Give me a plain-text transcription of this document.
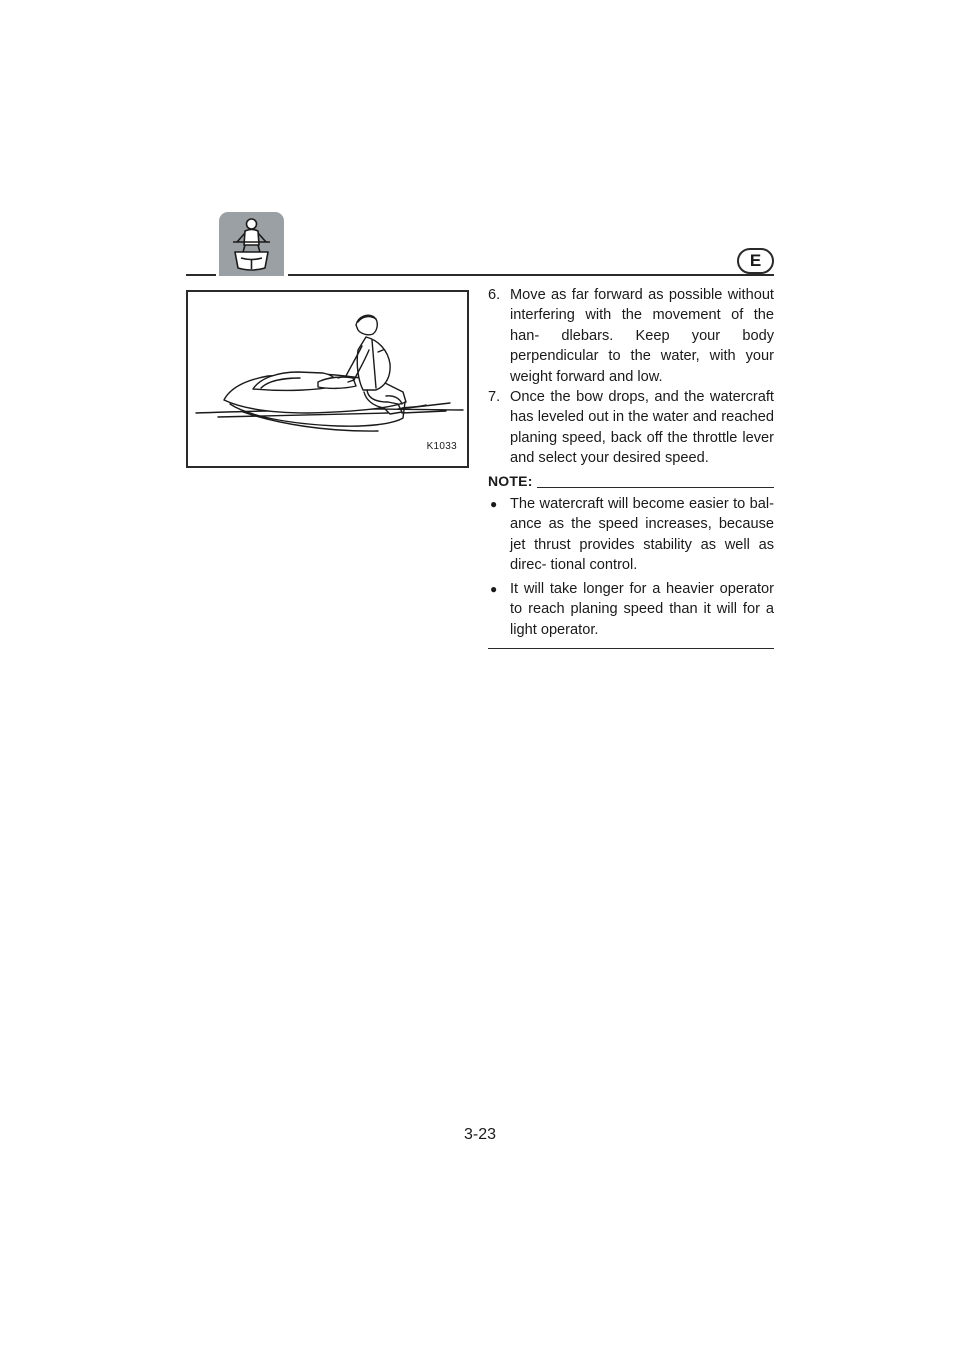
E
K1033
6. Move as far forward as possible without interfering with the movement of the han- dlebars. Keep your body perpendicular to the water, with your weight forward and low.
7. Once the bow drops, and the watercraft has leveled out in the water and reached planing speed, back off the throttle lever and select your desired speed.
NOTE:
● The watercraft will become easier to bal- ance as the speed increases, because jet thrust provides stability as well as direc- tional control.
● It will take longer for a heavier operator to reach planing speed than it will for a light operator.
3-23
